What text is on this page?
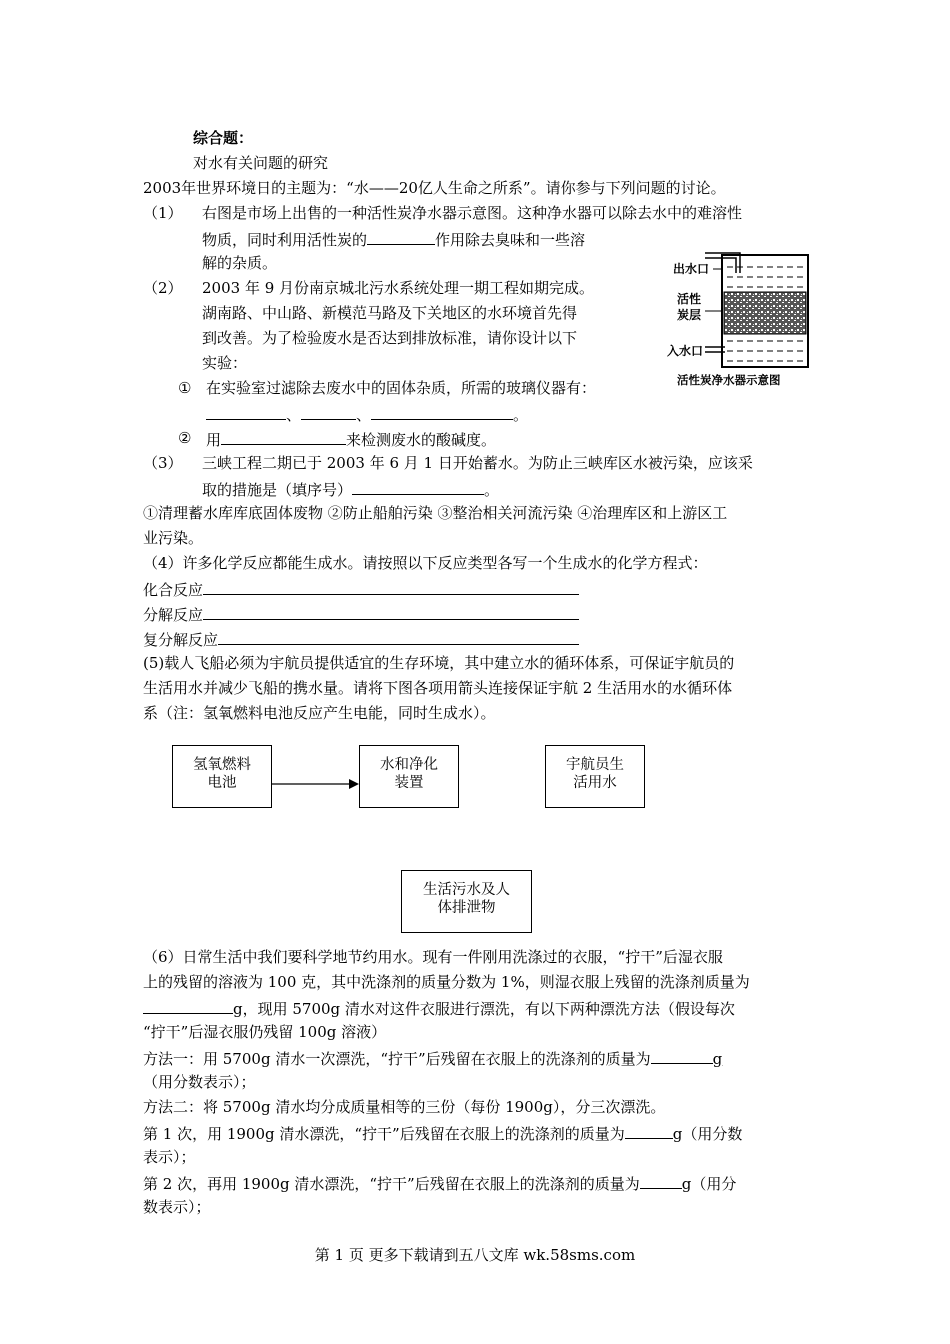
综合题：
对水有关问题的研究
2003年世界环境日的主题为：“水——20亿人生命之所系”。请你参与下列问题的讨论。
（1） 右图是市场上出售的一种活性炭净水器示意图。这种净水器可以除去水中的难溶性
物质，同时利用活性炭的	作用除去臭味和一些溶
解的杂质。	出水口
活性
炭层
入水口
活性炭净水器示意图
（2） 2003 年 9 月份南京城北污水系统处理一期工程如期完成。
湖南路、中山路、新模范马路及下关地区的水环境首先得
到改善。为了检验废水是否达到排放标准，请你设计以下
实验：
① 在实验室过滤除去废水中的固体杂质，所需的玻璃仪器有：
、	、	。
② 用	来检测废水的酸碱度。
（3） 三峡工程二期已于 2003 年 6 月 1 日开始蓄水。为防止三峡库区水被污染，应该采
取的措施是（填序号）	。
①清理蓄水库库底固体废物 ②防止船舶污染 ③整治相关河流污染 ④治理库区和上游区工
业污染。
（4）许多化学反应都能生成水。请按照以下反应类型各写一个生成水的化学方程式：
化合反应
分解反应
复分解反应
(5)载人飞船必须为宇航员提供适宜的生存环境，其中建立水的循环体系，可保证宇航员的
生活用水并减少飞船的携水量。请将下图各项用箭头连接保证宇航 2 生活用水的水循环体
系（注：氢氧燃料电池反应产生电能，同时生成水）。
氢氧燃料
电池
水和净化
装置
宇航员生
活用水
生活污水及人
体排泄物
（6）日常生活中我们要科学地节约用水。现有一件刚用洗涤过的衣服，“拧干”后湿衣服
上的残留的溶液为 100 克，其中洗涤剂的质量分数为 1%，则湿衣服上残留的洗涤剂质量为
g，现用 5700g 清水对这件衣服进行漂洗，有以下两种漂洗方法（假设每次
“拧干”后湿衣服仍残留 100g 溶液）
方法一：用 5700g 清水一次漂洗，“拧干”后残留在衣服上的洗涤剂的质量为	g
（用分数表示）；
方法二：将 5700g 清水均分成质量相等的三份（每份 1900g），分三次漂洗。
第 1 次，用 1900g 清水漂洗，“拧干”后残留在衣服上的洗涤剂的质量为	g（用分数
表示）；
第 2 次，再用 1900g 清水漂洗，“拧干”后残留在衣服上的洗涤剂的质量为	g（用分
数表示）；
第 1 页 更多下载请到五八文库 wk.58sms.com
